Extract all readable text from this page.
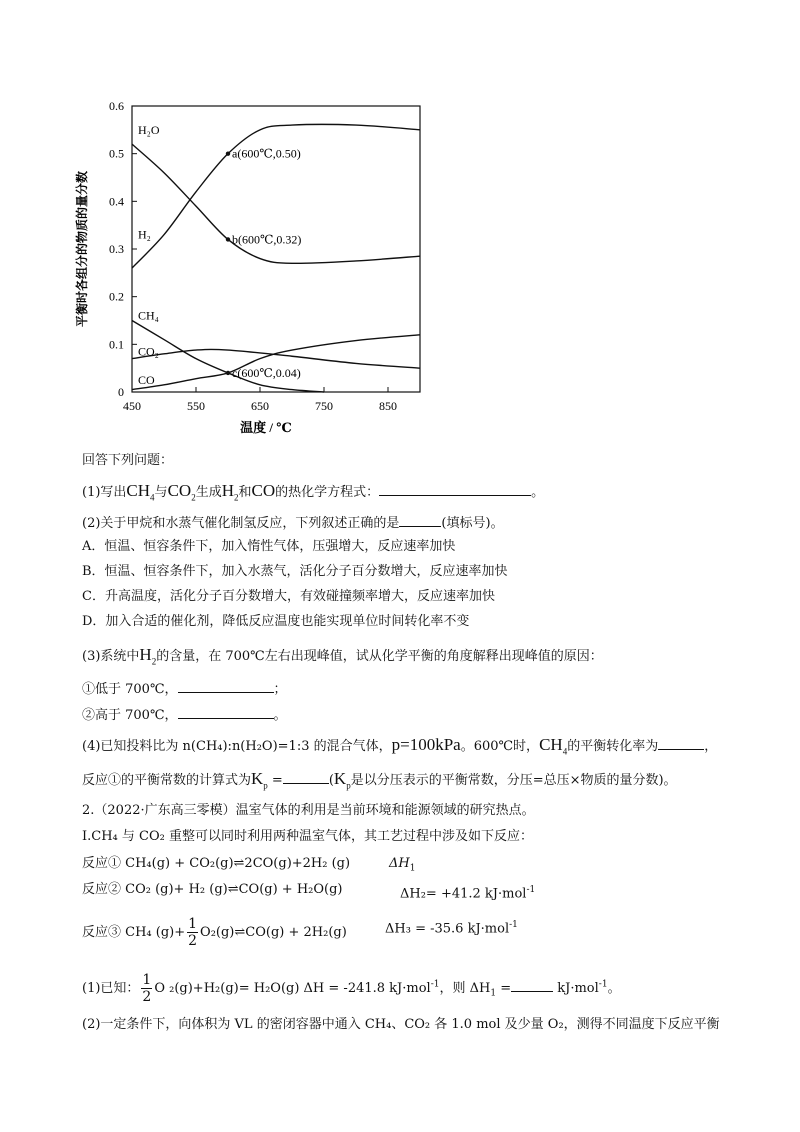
0
0.1
0.2
0.3
0.4
0.5
0.6
450	550	650	750	850
温度 / ℃
平衡时各组分的物质的量分数
H₂O
H₂
CH₄
CO₂
CO
a(600℃,0.50)
b(600℃,0.32)
c(600℃,0.04)
回答下列问题：
(1)写出$CH_4$与$CO_2$生成$H_2$和CO的热化学方程式：	。
(2)关于甲烷和水蒸气催化制氢反应，下列叙述正确的是	(填标号)。
A．恒温、恒容条件下，加入惰性气体，压强增大，反应速率加快
B．恒温、恒容条件下，加入水蒸气，活化分子百分数增大，反应速率加快
C．升高温度，活化分子百分数增大，有效碰撞频率增大，反应速率加快
D．加入合适的催化剂，降低反应温度也能实现单位时间转化率不变
(3)系统中$H_2$的含量，在 700℃左右出现峰值，试从化学平衡的角度解释出现峰值的原因：
①低于 700℃，	；
②高于 700℃，	。
(4)已知投料比为 n(CH₄):n(H₂O)=1:3 的混合气体，p=100kPa。600℃时，$CH_4$的平衡转化率为	，
反应①的平衡常数的计算式为$K_p$ =	($K_p$是以分压表示的平衡常数，分压=总压×物质的量分数)。
2.（2022·广东高三零模）温室气体的利用是当前环境和能源领域的研究热点。
I.CH₄ 与 CO₂ 重整可以同时利用两种温室气体，其工艺过程中涉及如下反应：
反应① CH₄(g) + CO₂(g)⇌2CO(g)+2H₂ (g)	$\Delta H_1$
反应② CO₂ (g)+ H₂ (g)⇌CO(g) + H₂O(g)	ΔH₂= +41.2 kJ·mol$^{-1}$
反应③ CH₄ $(g)+ \frac{1}{2}$ O₂(g)⇌CO(g) + 2H₂(g)	ΔH₃ = -35.6 kJ·mol$^{-1}$
(1)已知： $\frac{1}{2}$ O ₂(g)+H₂(g)= H₂O(g) ΔH = -241.8 kJ·mol$^{-1}$，则 $\Delta H_1$ =	kJ·mol$^{-1}$。
(2)一定条件下，向体积为 VL 的密闭容器中通入 CH₄、CO₂ 各 1.0 mol 及少量 O₂，测得不同温度下反应平衡
